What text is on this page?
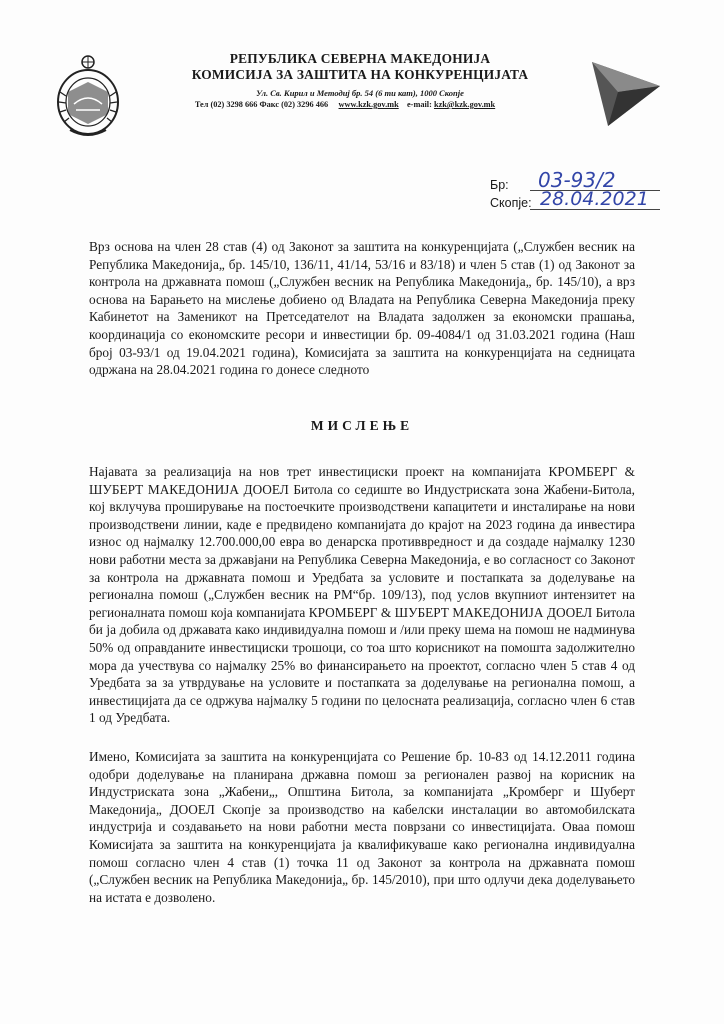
РЕПУБЛИКА СЕВЕРНА МАКЕДОНИЈА
КОМИСИЈА ЗА ЗАШТИТА НА КОНКУРЕНЦИЈАТА
Ул. Св. Кирил и Методиј бр. 54 (6 ти кат), 1000 Скопје
Тел (02) 3298 666 Факс (02) 3296 466 www.kzk.gov.mk e-mail: kzk@kzk.gov.mk
Бр:
Скопје:
03-93/2
28.04.2021

Врз основа на член 28 став (4) од Законот за заштита на конкуренцијата („Службен весник на Република Македонија„ бр. 145/10, 136/11, 41/14, 53/16 и 83/18) и член 5 став (1) од Законот за контрола на државната помош („Службен весник на Република Македонија„ бр. 145/10), а врз основа на Барањето на мислење добиено од Владата на Република Северна Македонија преку Кабинетот на Заменикот на Претседателот на Владата задолжен за економски прашања, координација со економските ресори и инвестиции бр. 09-4084/1 од 31.03.2021 година (Наш број 03-93/1 од 19.04.2021 година), Комисијата за заштита на конкуренцијата на седницата одржана на 28.04.2021 година го донесе следното

МИСЛЕЊЕ

Најавата за реализација на нов трет инвестициски проект на компанијата КРОМБЕРГ & ШУБЕРТ МАКЕДОНИЈА ДООЕЛ Битола со седиште во Индустриската зона Жабени-Битола, кој вклучува проширување на постоечките производствени капацитети и инсталирање на нови производствени линии, каде е предвидено компанијата до крајот на 2023 година да инвестира износ од најмалку 12.700.000,00 евра во денарска противвредност и да создаде најмалку 1230 нови работни места за државјани на Република Северна Македонија, е во согласност со Законот за контрола на државната помош и Уредбата за условите и постапката за доделување на регионална помош („Службен весник на РМ“бр. 109/13), под услов вкупниот интензитет на регионалната помош која компанијата КРОМБЕРГ & ШУБЕРТ МАКЕДОНИЈА ДООЕЛ Битола би ја добила од државата како индивидуална помош и /или преку шема на помош не надминува 50% од оправданите инвестициски трошоци, со тоа што корисникот на помошта задолжително мора да учествува со најмалку 25% во финансирањето на проектот, согласно член 5 став 4 од Уредбата за за утврдување на условите и постапката за доделување на регионална помош, а инвестицијата да се одржува најмалку 5 години по целосната реализација, согласно член 6 став 1 од Уредбата.

Имено, Комисијата за заштита на конкуренцијата со Решение бр. 10-83 од 14.12.2011 година одобри доделување на планирана државна помош за регионален развој на корисник на Индустриската зона „Жабени„, Општина Битола, за компанијата „Кромберг и Шуберт Македонија„ ДООЕЛ Скопје за производство на кабелски инсталации во автомобилската индустрија и создавањето на нови работни места поврзани со инвестицијата. Оваа помош Комисијата за заштита на конкуренцијата ја квалификуваше како регионална индивидуална помош согласно член 4 став (1) точка 11 од Законот за контрола на државната помош („Службен весник на Република Македонија„ бр. 145/2010), при што одлучи дека доделувањето на истата е дозволено.
